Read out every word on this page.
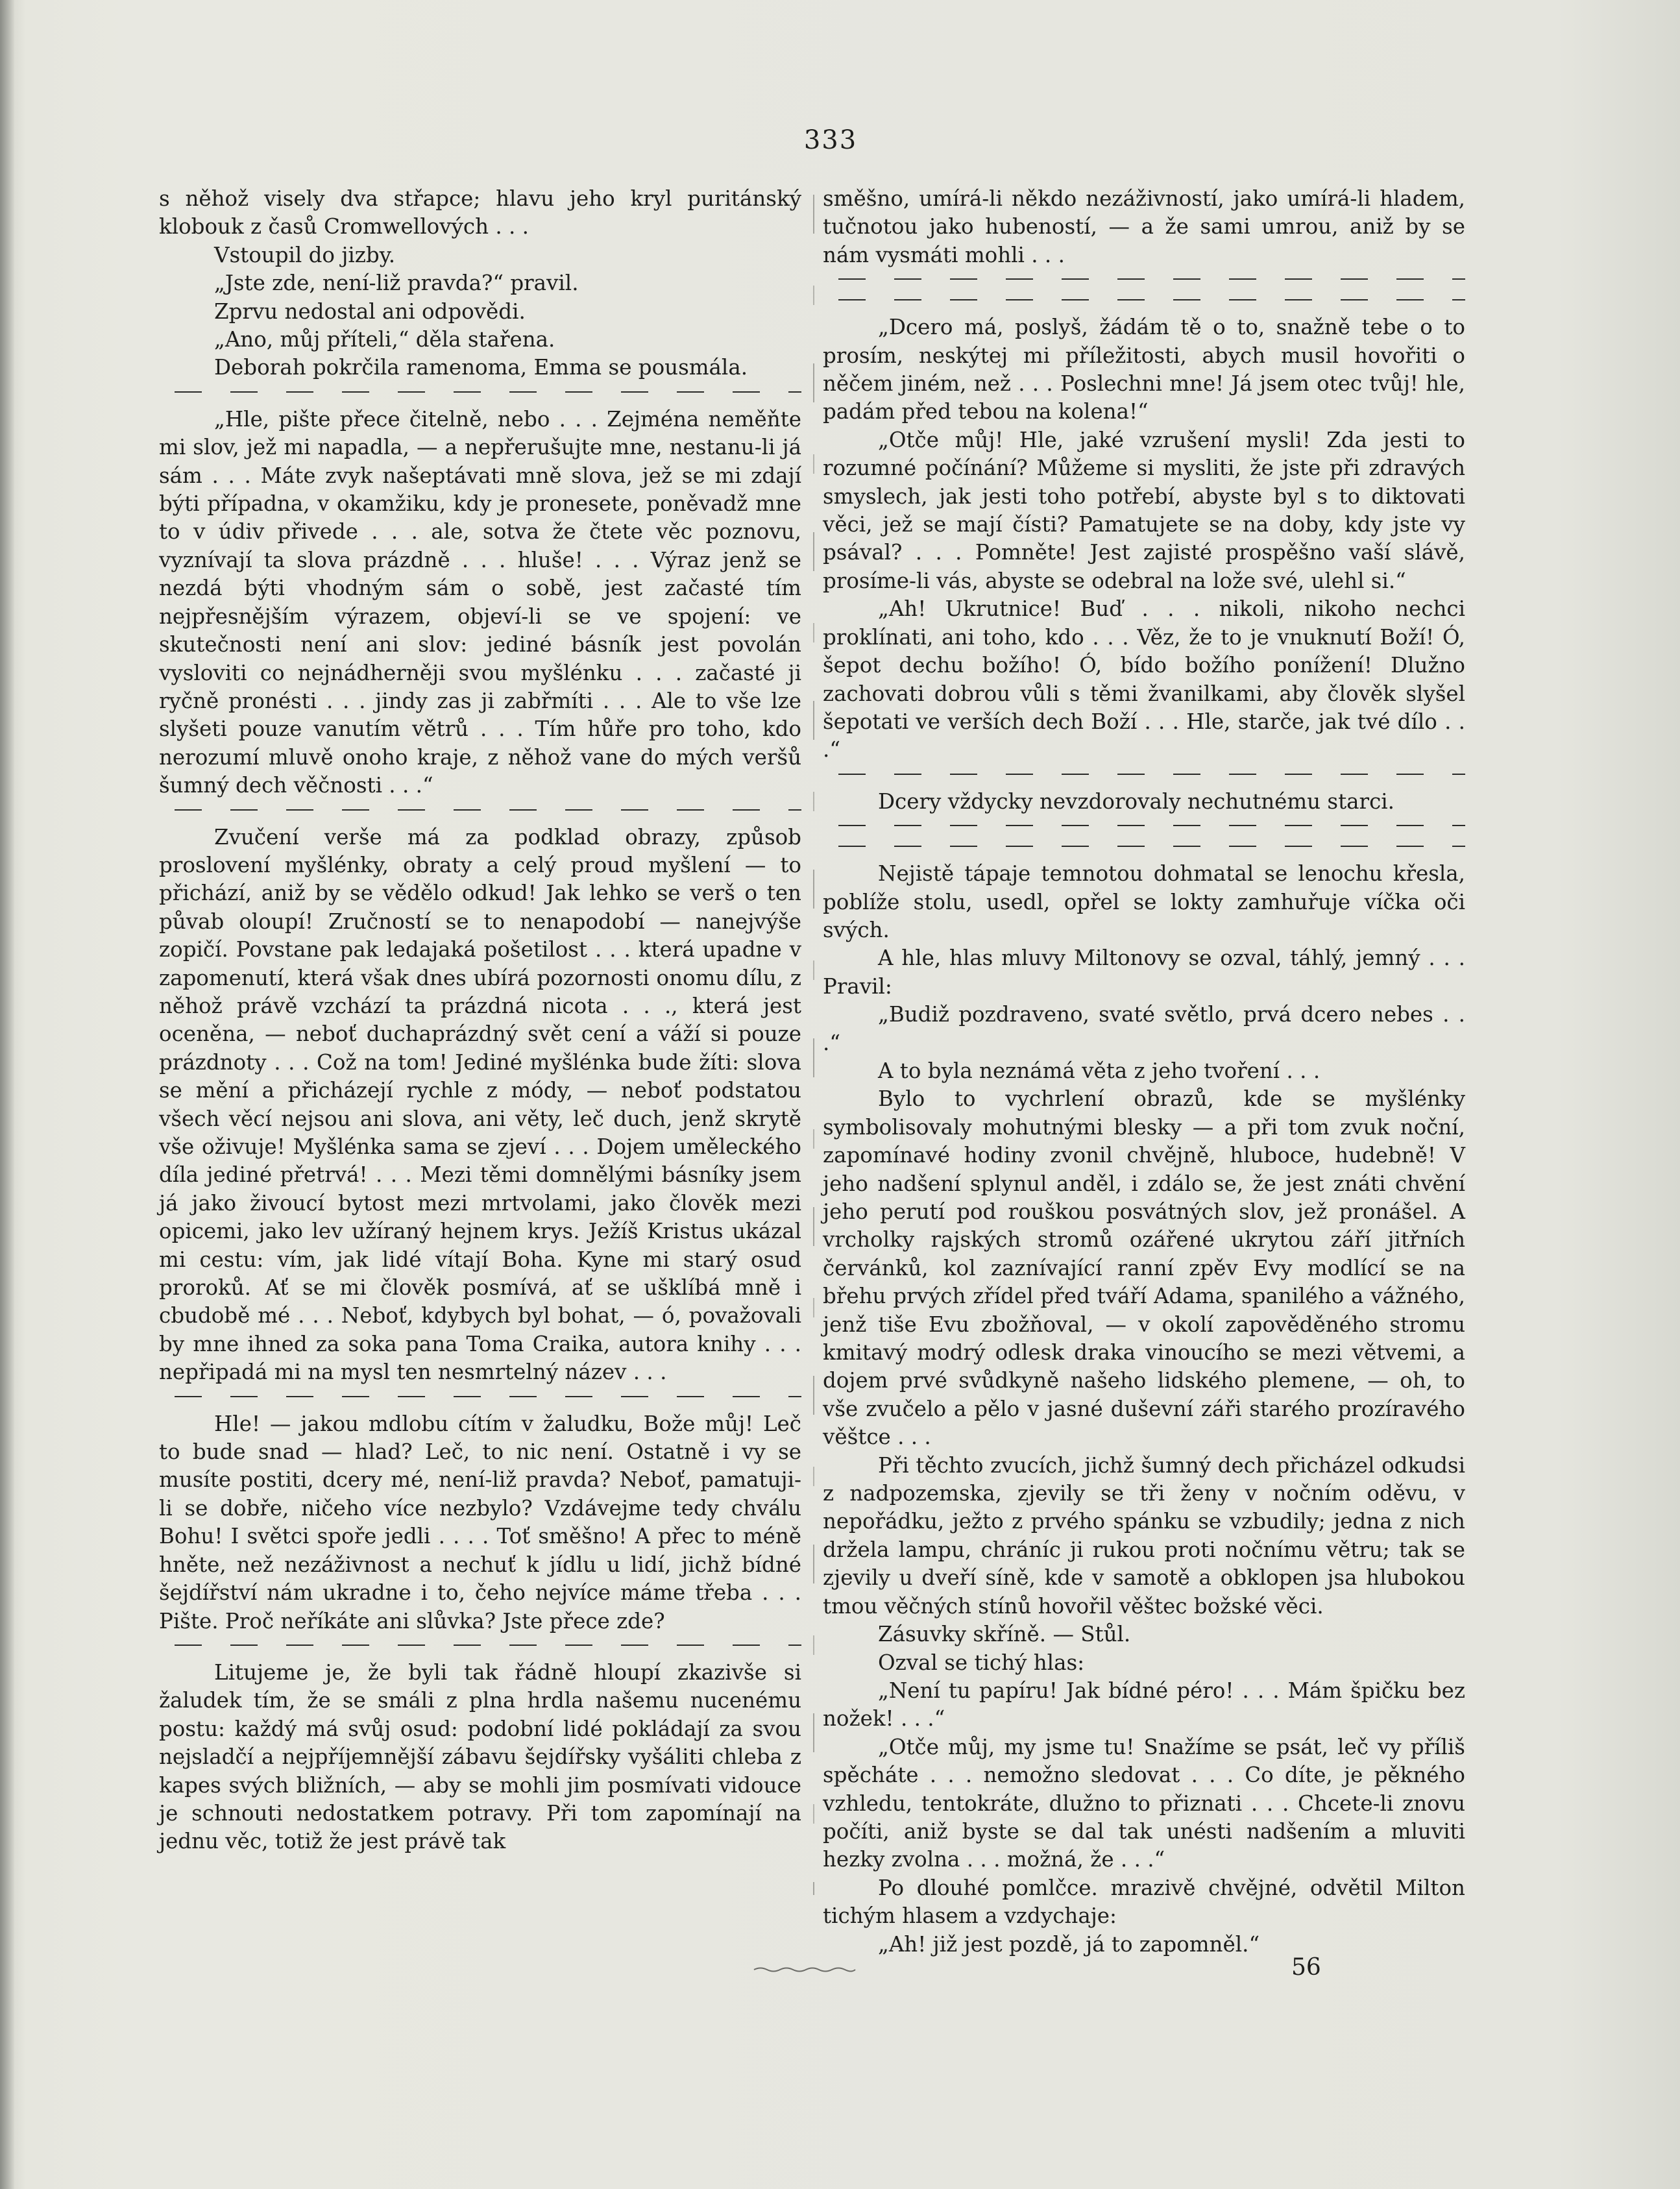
333

s něhož visely dva střapce; hlavu jeho kryl puritánský klobouk z časů Cromwellových . . .

Vstoupil do jizby.

„Jste zde, není-liž pravda?“ pravil.

Zprvu nedostal ani odpovědi.

„Ano, můj příteli,“ děla stařena.

Deborah pokrčila ramenoma, Emma se pousmála.

„Hle, pište přece čitelně, nebo . . . Zejména neměňte mi slov, jež mi napadla, — a nepřerušujte mne, nestanu-li já sám . . . Máte zvyk našeptávati mně slova, jež se mi zdají býti případna, v okamžiku, kdy je pronesete, poněvadž mne to v údiv přivede . . . ale, sotva že čtete věc poznovu, vyznívají ta slova prázdně . . . hluše! . . . Výraz jenž se nezdá býti vhodným sám o sobě, jest začasté tím nejpřesnějším výrazem, objeví-li se ve spojení: ve skutečnosti není ani slov: jediné básník jest povolán vysloviti co nejnádherněji svou myšlénku . . . začasté ji ryčně pronésti . . . jindy zas ji zabřmíti . . . Ale to vše lze slyšeti pouze vanutím větrů . . . Tím hůře pro toho, kdo nerozumí mluvě onoho kraje, z něhož vane do mých veršů šumný dech věčnosti . . .“

Zvučení verše má za podklad obrazy, způsob proslovení myšlénky, obraty a celý proud myšlení — to přichází, aniž by se vědělo odkud! Jak lehko se verš o ten půvab oloupí! Zručností se to nenapodobí — nanejvýše zopičí. Povstane pak ledajaká pošetilost . . . která upadne v zapomenutí, která však dnes ubírá pozornosti onomu dílu, z něhož právě vzchází ta prázdná nicota . . ., která jest oceněna, — neboť duchaprázdný svět cení a váží si pouze prázdnoty . . . Což na tom! Jediné myšlénka bude žíti: slova se mění a přicházejí rychle z módy, — neboť podstatou všech věcí nejsou ani slova, ani věty, leč duch, jenž skrytě vše oživuje! Myšlénka sama se zjeví . . . Dojem uměleckého díla jediné přetrvá! . . . Mezi těmi domnělými básníky jsem já jako živoucí bytost mezi mrtvolami, jako člověk mezi opicemi, jako lev užíraný hejnem krys. Ježíš Kristus ukázal mi cestu: vím, jak lidé vítají Boha. Kyne mi starý osud proroků. Ať se mi člověk posmívá, ať se ušklíbá mně i cbudobě mé . . . Neboť, kdybych byl bohat, — ó, považovali by mne ihned za soka pana Toma Craika, autora knihy . . . nepřipadá mi na mysl ten nesmrtelný název . . .

Hle! — jakou mdlobu cítím v žaludku, Bože můj! Leč to bude snad — hlad? Leč, to nic není. Ostatně i vy se musíte postiti, dcery mé, není-liž pravda? Neboť, pamatuji-li se dobře, ničeho více nezbylo? Vzdávejme tedy chválu Bohu! I světci spoře jedli . . . . Toť směšno! A přec to méně hněte, než nezáživnost a nechuť k jídlu u lidí, jichž bídné šejdířství nám ukradne i to, čeho nejvíce máme třeba . . . Pište. Proč neříkáte ani slůvka? Jste přece zde?

Litujeme je, že byli tak řádně hloupí zkazivše si žaludek tím, že se smáli z plna hrdla našemu nucenému postu: každý má svůj osud: podobní lidé pokládají za svou nejsladčí a nejpříjemnější zábavu šejdířsky vyšáliti chleba z kapes svých bližních, — aby se mohli jim posmívati vidouce je schnouti nedostatkem potravy. Při tom zapomínají na jednu věc, totiž že jest právě tak

směšno, umírá-li někdo nezáživností, jako umírá-li hladem, tučnotou jako hubeností, — a že sami umrou, aniž by se nám vysmáti mohli . . .

„Dcero má, poslyš, žádám tě o to, snažně tebe o to prosím, neskýtej mi příležitosti, abych musil hovořiti o něčem jiném, než . . . Poslechni mne! Já jsem otec tvůj! hle, padám před tebou na kolena!“

„Otče můj! Hle, jaké vzrušení mysli! Zda jesti to rozumné počínání? Můžeme si mysliti, že jste při zdravých smyslech, jak jesti toho potřebí, abyste byl s to diktovati věci, jež se mají čísti? Pamatujete se na doby, kdy jste vy psával? . . . Pomněte! Jest zajisté prospěšno vaší slávě, prosíme-li vás, abyste se odebral na lože své, ulehl si.“

„Ah! Ukrutnice! Buď . . . nikoli, nikoho nechci proklínati, ani toho, kdo . . . Věz, že to je vnuknutí Boží! Ó, šepot dechu božího! Ó, bído božího ponížení! Dlužno zachovati dobrou vůli s těmi žvanilkami, aby člověk slyšel šepotati ve verších dech Boží . . . Hle, starče, jak tvé dílo . . .“

Dcery vždycky nevzdorovaly nechutnému starci.

Nejistě tápaje temnotou dohmatal se lenochu křesla, poblíže stolu, usedl, opřel se lokty zamhuřuje víčka oči svých.

A hle, hlas mluvy Miltonovy se ozval, táhlý, jemný . . . Pravil:

„Budiž pozdraveno, svaté světlo, prvá dcero nebes . . .“

A to byla neznámá věta z jeho tvoření . . .

Bylo to vychrlení obrazů, kde se myšlénky symbolisovaly mohutnými blesky — a při tom zvuk noční, zapomínavé hodiny zvonil chvějně, hluboce, hudebně! V jeho nadšení splynul anděl, i zdálo se, že jest znáti chvění jeho perutí pod rouškou posvátných slov, jež pronášel. A vrcholky rajských stromů ozářené ukrytou září jitřních červánků, kol zaznívající ranní zpěv Evy modlící se na břehu prvých zřídel před tváří Adama, spanilého a vážného, jenž tiše Evu zbožňoval, — v okolí zapověděného stromu kmitavý modrý odlesk draka vinoucího se mezi větvemi, a dojem prvé svůdkyně našeho lidského plemene, — oh, to vše zvučelo a pělo v jasné duševní záři starého prozíravého věštce . . .

Při těchto zvucích, jichž šumný dech přicházel odkudsi z nadpozemska, zjevily se tři ženy v nočním oděvu, v nepořádku, ježto z prvého spánku se vzbudily; jedna z nich držela lampu, chráníc ji rukou proti nočnímu větru; tak se zjevily u dveří síně, kde v samotě a obklopen jsa hlubokou tmou věčných stínů hovořil věštec božské věci.

Zásuvky skříně. — Stůl.

Ozval se tichý hlas:

„Není tu papíru! Jak bídné péro! . . . Mám špičku bez nožek! . . .“

„Otče můj, my jsme tu! Snažíme se psát, leč vy příliš spěcháte . . . nemožno sledovat . . . Co díte, je pěkného vzhledu, tentokráte, dlužno to přiznati . . . Chcete-li znovu počíti, aniž byste se dal tak unésti nadšením a mluviti hezky zvolna . . . možná, že . . .“

Po dlouhé pomlčce. mrazivě chvějné, odvětil Milton tichým hlasem a vzdychaje:

„Ah! již jest pozdě, já to zapomněl.“

56
